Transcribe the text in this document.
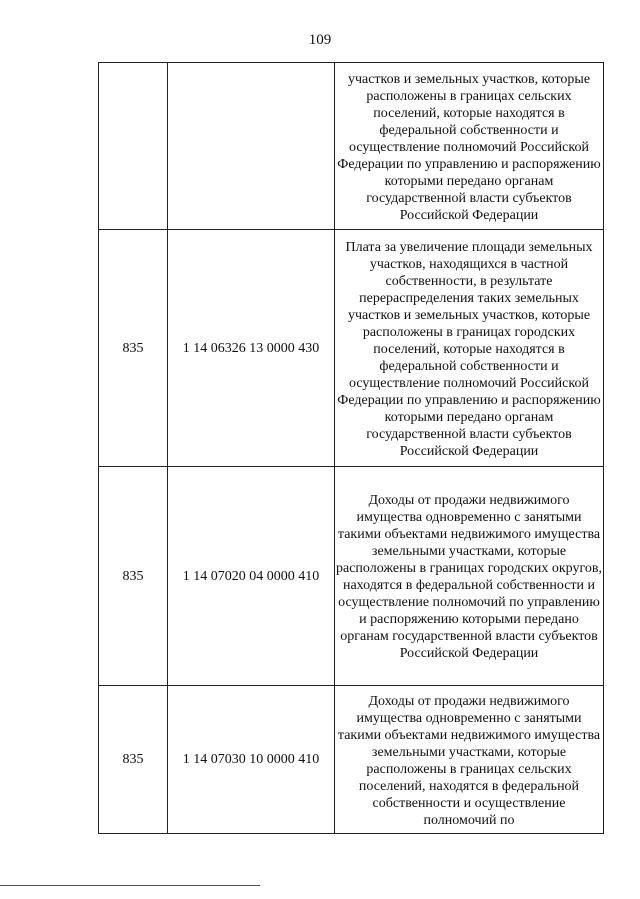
109
		участков и земельных участков, которые расположены в границах сельских поселений, которые находятся в федеральной собственности и осуществление полномочий Российской Федерации по управлению и распоряжению которыми передано органам государственной власти субъектов Российской Федерации
835	1 14 06326 13 0000 430	Плата за увеличение площади земельных участков, находящихся в частной собственности, в результате перераспределения таких земельных участков и земельных участков, которые расположены в границах городских поселений, которые находятся в федеральной собственности и осуществление полномочий Российской Федерации по управлению и распоряжению которыми передано органам государственной власти субъектов Российской Федерации
835	1 14 07020 04 0000 410	Доходы от продажи недвижимого имущества одновременно с занятыми такими объектами недвижимого имущества земельными участками, которые расположены в границах городских округов, находятся в федеральной собственности и осуществление полномочий по управлению и распоряжению которыми передано органам государственной власти субъектов Российской Федерации
835	1 14 07030 10 0000 410	Доходы от продажи недвижимого имущества одновременно с занятыми такими объектами недвижимого имущества земельными участками, которые расположены в границах сельских поселений, находятся в федеральной собственности и осуществление полномочий по
